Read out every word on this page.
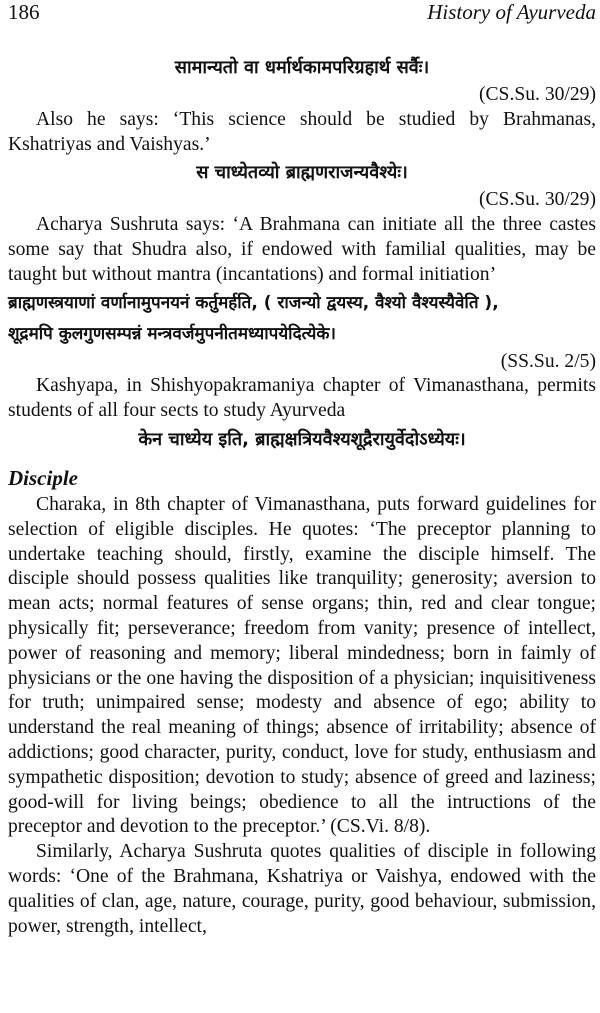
186	History of Ayurveda

सामान्यतो वा धर्मार्थकामपरिग्रहार्थ सर्वैः।

(CS.Su. 30/29)

Also he says: ‘This science should be studied by Brahmanas, Kshatriyas and Vaishyas.’

स चाध्येतव्यो ब्राह्मणराजन्यवैश्येः।

(CS.Su. 30/29)

Acharya Sushruta says: ‘A Brahmana can initiate all the three castes some say that Shudra also, if endowed with familial qualities, may be taught but without mantra (incantations) and formal initiation’

ब्राह्मणस्त्रयाणां वर्णानामुपनयनं कर्तुमर्हति, ( राजन्यो द्वयस्य, वैश्यो वैश्यस्यैवेति ),

शूद्रमपि कुलगुणसम्पन्नं मन्त्रवर्जमुपनीतमध्यापयेदित्येके।

(SS.Su. 2/5)

Kashyapa, in Shishyopakramaniya chapter of Vimanasthana, permits students of all four sects to study Ayurveda

केन चाध्येय इति, ब्राह्मक्षत्रियवैश्यशूद्रैरायुर्वेदोऽध्येयः।

Disciple

Charaka, in 8th chapter of Vimanasthana, puts forward guidelines for selection of eligible disciples. He quotes: ‘The preceptor planning to undertake teaching should, firstly, examine the disciple himself. The disciple should possess qualities like tranquility; generosity; aversion to mean acts; normal features of sense organs; thin, red and clear tongue; physically fit; perseverance; freedom from vanity; presence of intellect, power of reasoning and memory; liberal mindedness; born in faimly of physicians or the one having the disposition of a physician; inquisitiveness for truth; unimpaired sense; modesty and absence of ego; ability to understand the real meaning of things; absence of irritability; absence of addictions; good character, purity, conduct, love for study, enthusiasm and sympathetic disposition; devotion to study; absence of greed and laziness; good-will for living beings; obedience to all the intructions of the preceptor and devotion to the preceptor.’ (CS.Vi. 8/8).

Similarly, Acharya Sushruta quotes qualities of disciple in following words: ‘One of the Brahmana, Kshatriya or Vaishya, endowed with the qualities of clan, age, nature, courage, purity, good behaviour, submission, power, strength, intellect,
